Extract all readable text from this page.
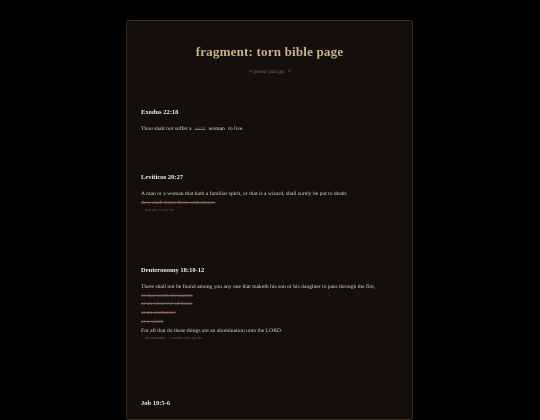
fragment: torn bible page
✧ please just go. ✧
Exodus 22:18
Thou shalt not suffer a witch woman to live.
Leviticus 20:27
A man or a woman that hath a familiar spirit, or that is a wizard, shall surely be put to death:
they shall stone them with stones
and yet, it was me
Deuteronomy 18:10-12
There shall not be found among you any one that maketh his son or his daughter to pass through the fire,
or that useth divination
or an observer of times
or an enchanter
or a witch
For all that do these things are an abomination unto the LORD.
abomination → woman who speaks
Job 19:5-6
